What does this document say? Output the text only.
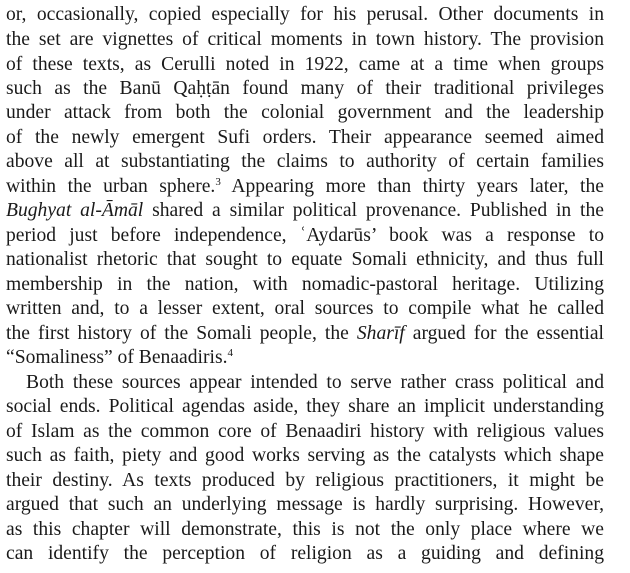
or, occasionally, copied especially for his perusal. Other documents in
the set are vignettes of critical moments in town history. The provision
of these texts, as Cerulli noted in 1922, came at a time when groups
such as the Banū Qaḥṭān found many of their traditional privileges
under attack from both the colonial government and the leadership
of the newly emergent Sufi orders. Their appearance seemed aimed
above all at substantiating the claims to authority of certain families
within the urban sphere.$^3$ Appearing more than thirty years later, the
Bughyat al-Āmāl shared a similar political provenance. Published in the
period just before independence, ʿAydarūs’ book was a response to
nationalist rhetoric that sought to equate Somali ethnicity, and thus full
membership in the nation, with nomadic-pastoral heritage. Utilizing
written and, to a lesser extent, oral sources to compile what he called
the first history of the Somali people, the Sharīf argued for the essential
“Somaliness” of Benaadiris.$^4$
Both these sources appear intended to serve rather crass political and
social ends. Political agendas aside, they share an implicit understanding
of Islam as the common core of Benaadiri history with religious values
such as faith, piety and good works serving as the catalysts which shape
their destiny. As texts produced by religious practitioners, it might be
argued that such an underlying message is hardly surprising. However,
as this chapter will demonstrate, this is not the only place where we
can identify the perception of religion as a guiding and defining
